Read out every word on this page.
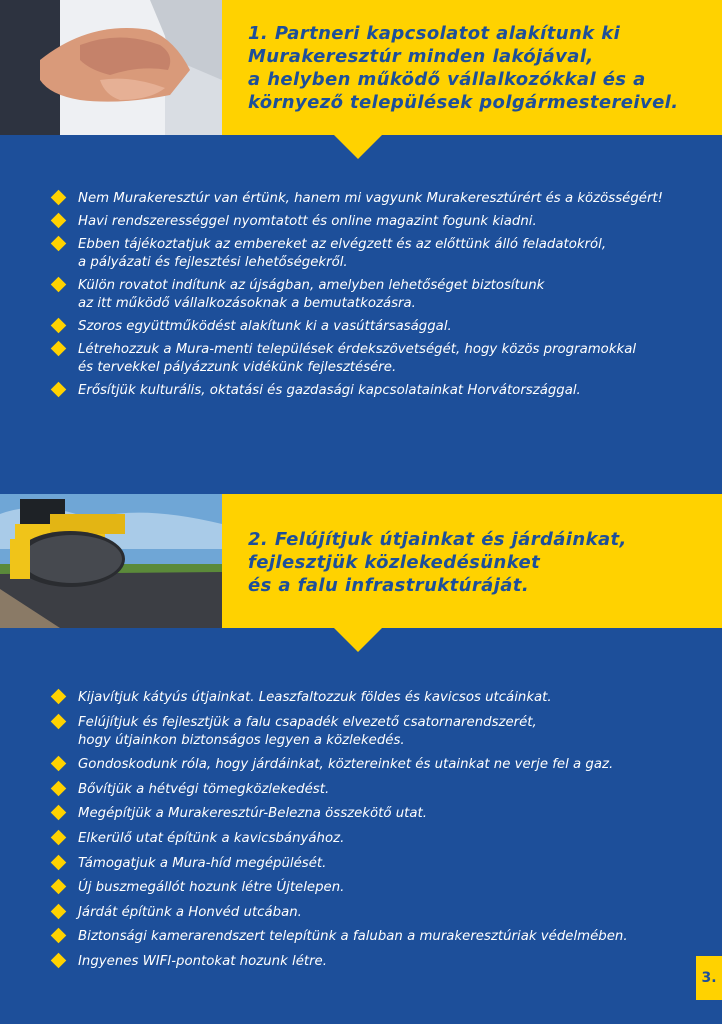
1. Partneri kapcsolatot alakítunk ki
Murakeresztúr minden lakójával,
a helyben működő vállalkozókkal és a
környező települések polgármestereivel.
Nem Murakeresztúr van értünk, hanem mi vagyunk Murakeresztúrért és a közösségért!
Havi rendszerességgel nyomtatott és online magazint fogunk kiadni.
Ebben tájékoztatjuk az embereket az elvégzett és az előttünk álló feladatokról,
a pályázati és fejlesztési lehetőségekről.
Külön rovatot indítunk az újságban, amelyben lehetőséget biztosítunk
az itt működő vállalkozásoknak a bemutatkozásra.
Szoros együttműködést alakítunk ki a vasúttársasággal.
Létrehozzuk a Mura-menti települések érdekszövetségét, hogy közös programokkal
és tervekkel pályázzunk vidékünk fejlesztésére.
Erősítjük kulturális, oktatási és gazdasági kapcsolatainkat Horvátországgal.
2. Felújítjuk útjainkat és járdáinkat,
fejlesztjük közlekedésünket
és a falu infrastruktúráját.
Kijavítjuk kátyús útjainkat. Leaszfaltozzuk földes és kavicsos utcáinkat.
Felújítjuk és fejlesztjük a falu csapadék elvezető csatornarendszerét,
hogy útjainkon biztonságos legyen a közlekedés.
Gondoskodunk róla, hogy járdáinkat, köztereinket és utainkat ne verje fel a gaz.
Bővítjük a hétvégi tömegközlekedést.
Megépítjük a Murakeresztúr-Belezna összekötő utat.
Elkerülő utat építünk a kavicsbányához.
Támogatjuk a Mura-híd megépülését.
Új buszmegállót hozunk létre Újtelepen.
Járdát építünk a Honvéd utcában.
Biztonsági kamerarendszert telepítünk a faluban a murakeresztúriak védelmében.
Ingyenes WIFI-pontokat hozunk létre.
3.
